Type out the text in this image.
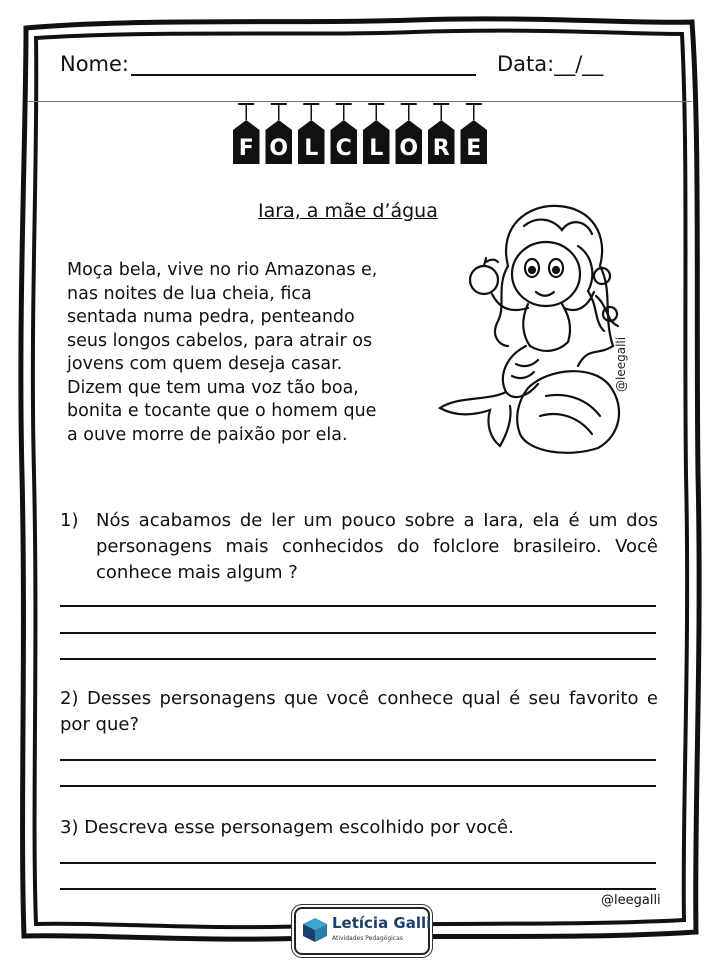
Nome:	Data:__/__
F O L C L O R E
Iara, a mãe d’água
Moça bela, vive no rio Amazonas e,
nas noites de lua cheia, fica
sentada numa pedra, penteando
seus longos cabelos, para atrair os
jovens com quem deseja casar.
Dizem que tem uma voz tão boa,
bonita e tocante que o homem que
a ouve morre de paixão por ela.
@leegalli
1) Nós acabamos de ler um pouco sobre a Iara, ela é um dos personagens mais conhecidos do folclore brasileiro. Você conhece mais algum ?
2) Desses personagens que você conhece qual é seu favorito e por que?
3) Descreva esse personagem escolhido por você.
@leegalli
Letícia Galli
Atividades Pedagógicas
